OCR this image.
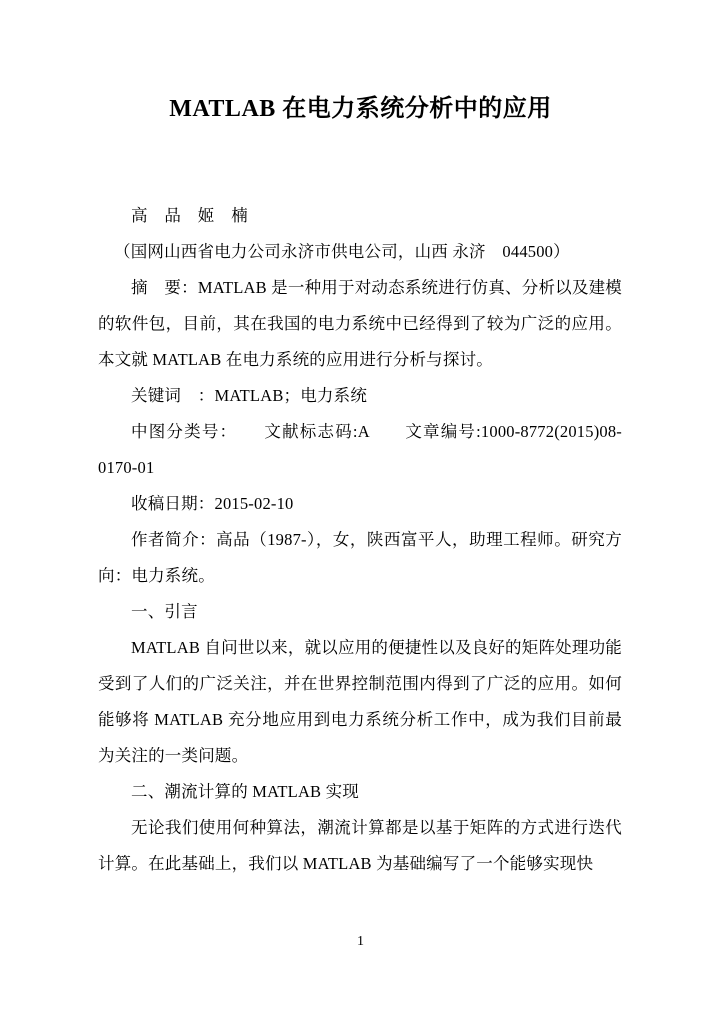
MATLAB 在电力系统分析中的应用
高　品　姬　楠
（国网山西省电力公司永济市供电公司，山西 永济　044500）
摘　要：MATLAB 是一种用于对动态系统进行仿真、分析以及建模的软件包，目前，其在我国的电力系统中已经得到了较为广泛的应用。本文就 MATLAB 在电力系统的应用进行分析与探讨。
关键词　：MATLAB；电力系统
中图分类号：　　文献标志码:A　　文章编号:1000-8772(2015)08-0170-01
收稿日期：2015-02-10
作者简介：高品（1987-），女，陕西富平人，助理工程师。研究方向：电力系统。
一、引言
MATLAB 自问世以来，就以应用的便捷性以及良好的矩阵处理功能受到了人们的广泛关注，并在世界控制范围内得到了广泛的应用。如何能够将 MATLAB 充分地应用到电力系统分析工作中，成为我们目前最为关注的一类问题。
二、潮流计算的 MATLAB 实现
无论我们使用何种算法，潮流计算都是以基于矩阵的方式进行迭代计算。在此基础上，我们以 MATLAB 为基础编写了一个能够实现快
1
